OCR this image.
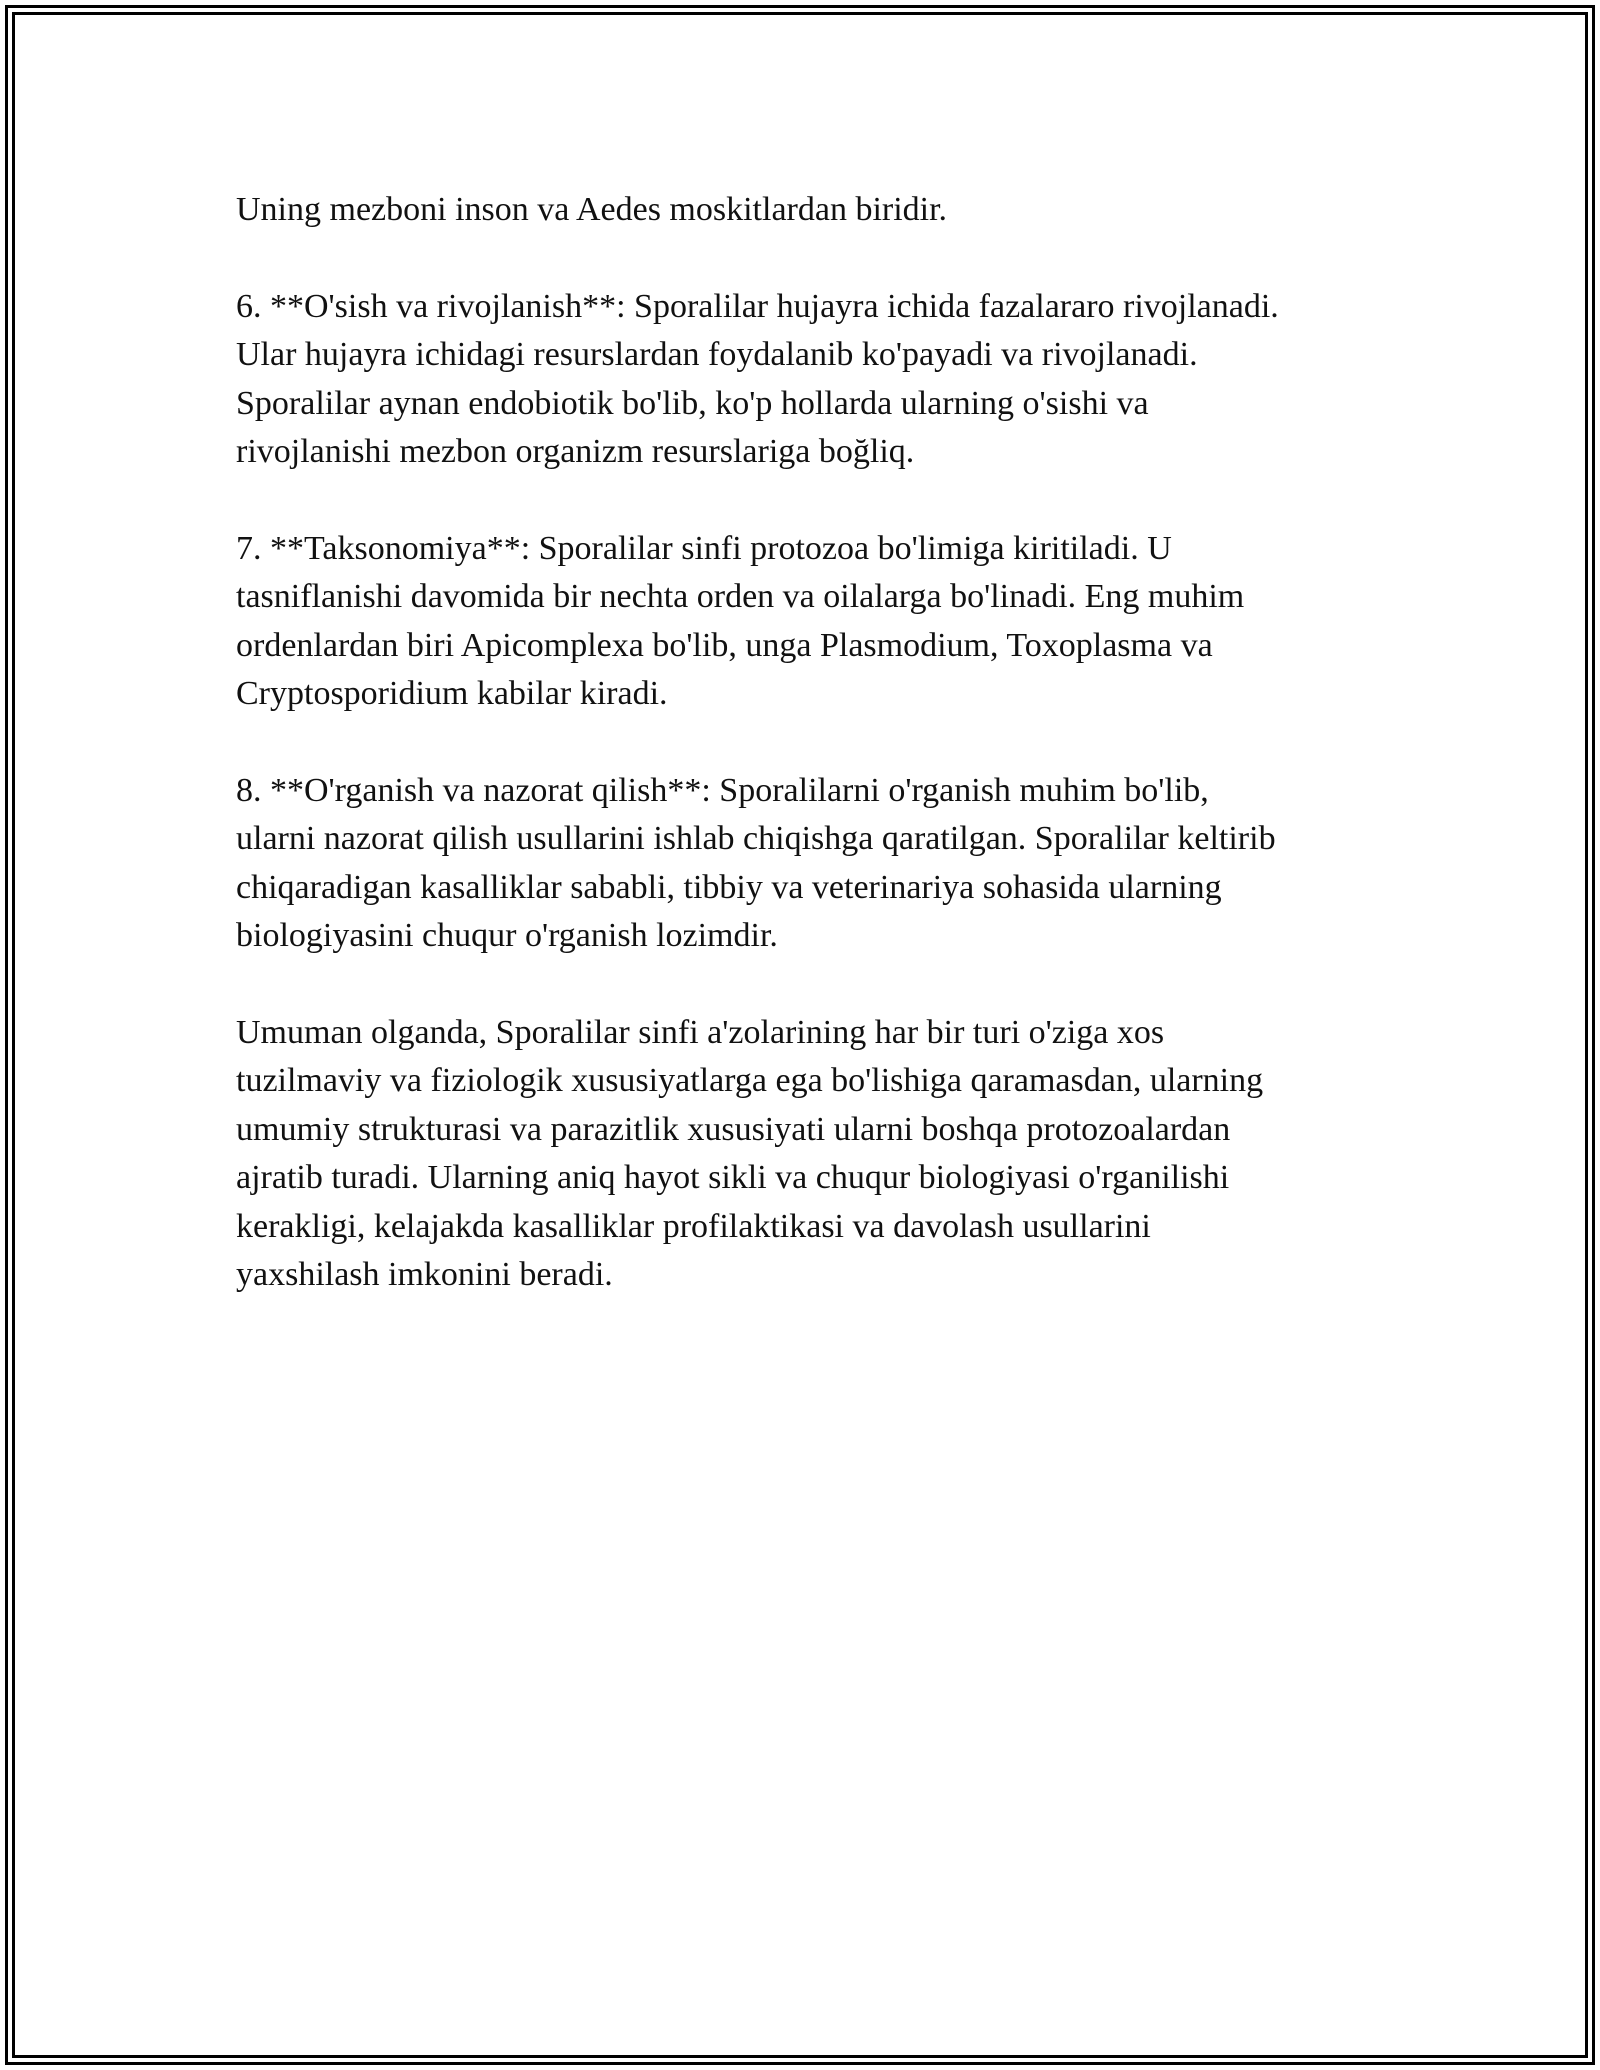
Uning mezboni inson va Aedes moskitlardan biridir.

6. **O'sish va rivojlanish**: Sporalilar hujayra ichida fazalararo rivojlanadi.
Ular hujayra ichidagi resurslardan foydalanib ko'payadi va rivojlanadi.
Sporalilar aynan endobiotik bo'lib, ko'p hollarda ularning o'sishi va
rivojlanishi mezbon organizm resurslariga boğliq.

7. **Taksonomiya**: Sporalilar sinfi protozoa bo'limiga kiritiladi. U
tasniflanishi davomida bir nechta orden va oilalarga bo'linadi. Eng muhim
ordenlardan biri Apicomplexa bo'lib, unga Plasmodium, Toxoplasma va
Cryptosporidium kabilar kiradi.

8. **O'rganish va nazorat qilish**: Sporalilarni o'rganish muhim bo'lib,
ularni nazorat qilish usullarini ishlab chiqishga qaratilgan. Sporalilar keltirib
chiqaradigan kasalliklar sababli, tibbiy va veterinariya sohasida ularning
biologiyasini chuqur o'rganish lozimdir.

Umuman olganda, Sporalilar sinfi a'zolarining har bir turi o'ziga xos
tuzilmaviy va fiziologik xususiyatlarga ega bo'lishiga qaramasdan, ularning
umumiy strukturasi va parazitlik xususiyati ularni boshqa protozoalardan
ajratib turadi. Ularning aniq hayot sikli va chuqur biologiyasi o'rganilishi
kerakligi, kelajakda kasalliklar profilaktikasi va davolash usullarini
yaxshilash imkonini beradi.
